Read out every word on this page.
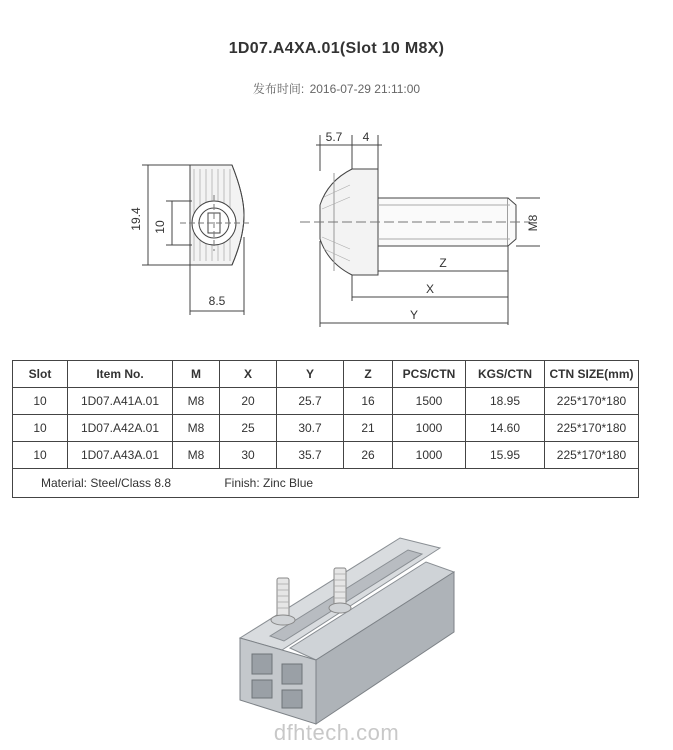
1D07.A4XA.01(Slot 10 M8X)
发布时间: 2016-07-29 21:11:00
19.4 10
8.5
5.7 4
M8
Z
X
Y
Slot	Item No.	M	X	Y	Z	PCS/CTN	KGS/CTN	CTN SIZE(mm)
10	1D07.A41A.01	M8	20	25.7	16	1500	18.95	225*170*180
10	1D07.A42A.01	M8	25	30.7	21	1000	14.60	225*170*180
10	1D07.A43A.01	M8	30	35.7	26	1000	15.95	225*170*180
Material: Steel/Class 8.8 Finish: Zinc Blue								
dfhtech.com
